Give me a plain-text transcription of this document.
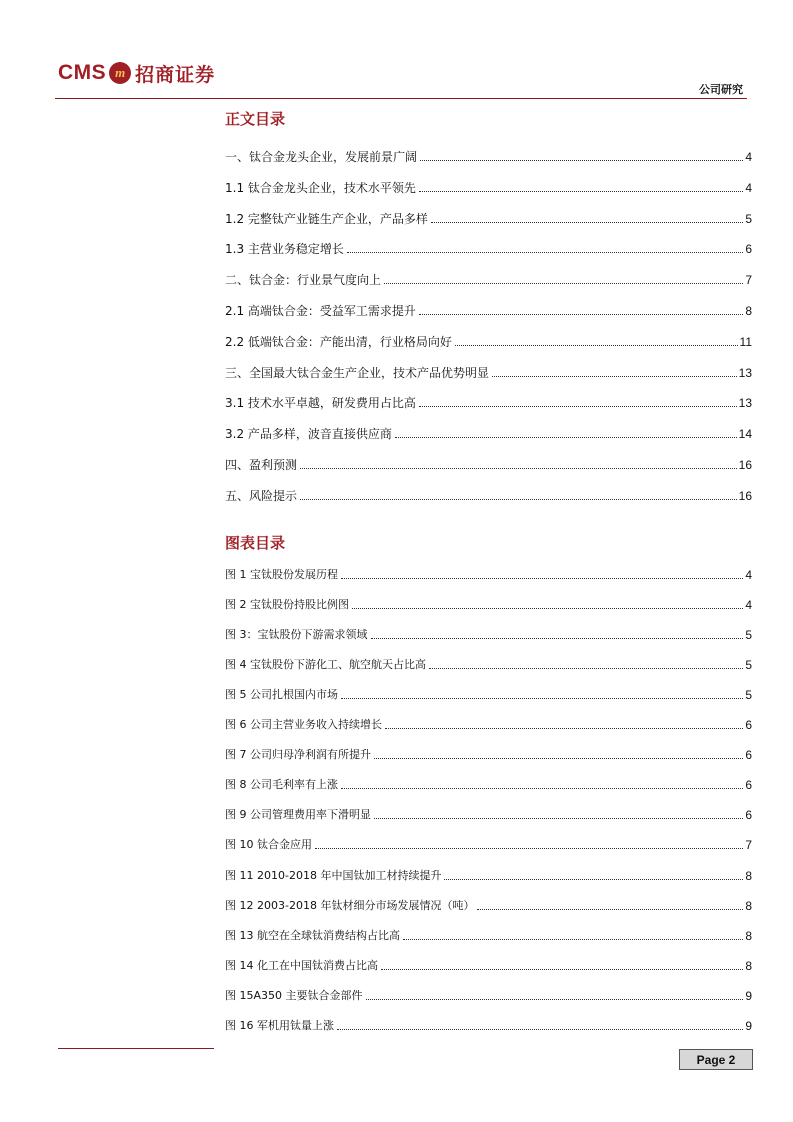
CMS m 招商证券
公司研究
正文目录
一、钛合金龙头企业，发展前景广阔	4
1.1 钛合金龙头企业，技术水平领先	4
1.2 完整钛产业链生产企业，产品多样	5
1.3 主营业务稳定增长	6
二、钛合金：行业景气度向上	7
2.1 高端钛合金：受益军工需求提升	8
2.2 低端钛合金：产能出清，行业格局向好	11
三、全国最大钛合金生产企业，技术产品优势明显	13
3.1 技术水平卓越，研发费用占比高	13
3.2 产品多样，波音直接供应商	14
四、盈利预测	16
五、风险提示	16
图表目录
图 1 宝钛股份发展历程	4
图 2 宝钛股份持股比例图	4
图 3：宝钛股份下游需求领域	5
图 4 宝钛股份下游化工、航空航天占比高	5
图 5 公司扎根国内市场	5
图 6 公司主营业务收入持续增长	6
图 7 公司归母净利润有所提升	6
图 8 公司毛利率有上涨	6
图 9 公司管理费用率下滑明显	6
图 10 钛合金应用	7
图 11 2010-2018 年中国钛加工材持续提升	8
图 12 2003-2018 年钛材细分市场发展情况（吨）	8
图 13 航空在全球钛消费结构占比高	8
图 14 化工在中国钛消费占比高	8
图 15A350 主要钛合金部件	9
图 16 军机用钛量上涨	9
Page 2
